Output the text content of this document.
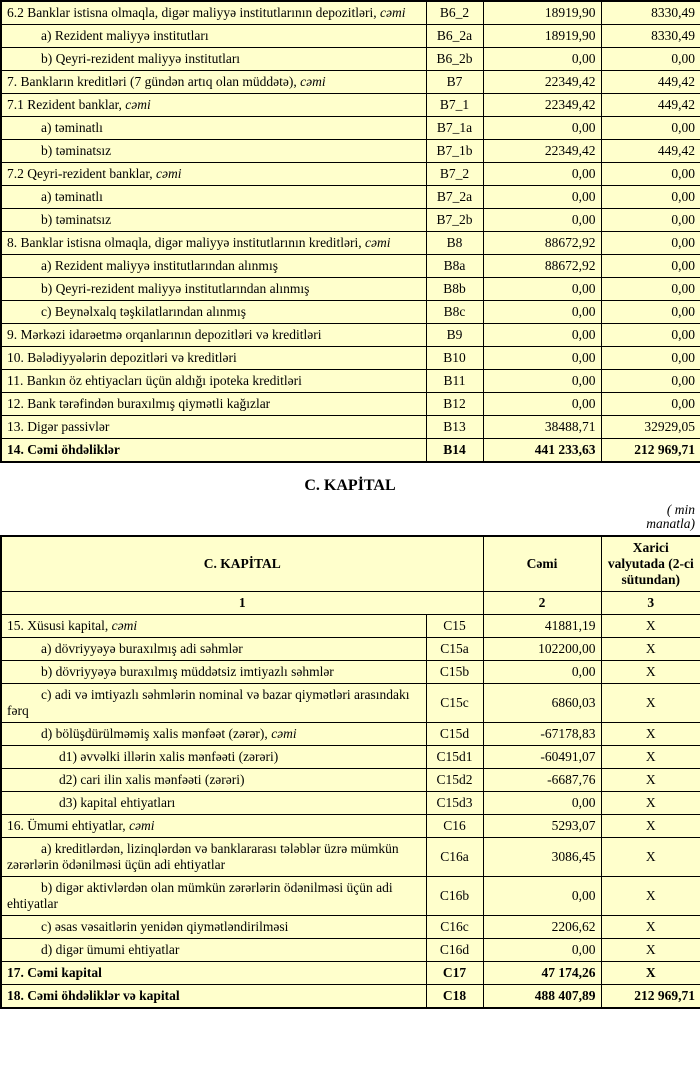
6.2 Banklar istisna olmaqla, digər maliyyə institutlarının depozitləri, cəmi	B6_2	18919,90	8330,49
a) Rezident maliyyə institutları	B6_2a	18919,90	8330,49
b) Qeyri-rezident maliyyə institutları	B6_2b	0,00	0,00
7. Bankların kreditləri (7 gündən artıq olan müddətə), cəmi	B7	22349,42	449,42
7.1 Rezident banklar, cəmi	B7_1	22349,42	449,42
a) təminatlı	B7_1a	0,00	0,00
b) təminatsız	B7_1b	22349,42	449,42
7.2 Qeyri-rezident banklar, cəmi	B7_2	0,00	0,00
a) təminatlı	B7_2a	0,00	0,00
b) təminatsız	B7_2b	0,00	0,00
8. Banklar istisna olmaqla, digər maliyyə institutlarının kreditləri, cəmi	B8	88672,92	0,00
a) Rezident maliyyə institutlarından alınmış	B8a	88672,92	0,00
b) Qeyri-rezident maliyyə institutlarından alınmış	B8b	0,00	0,00
c) Beynəlxalq təşkilatlarından alınmış	B8c	0,00	0,00
9. Mərkəzi idarəetmə orqanlarının depozitləri və kreditləri	B9	0,00	0,00
10. Bələdiyyələrin depozitləri və kreditləri	B10	0,00	0,00
11. Bankın öz ehtiyacları üçün aldığı ipoteka kreditləri	B11	0,00	0,00
12. Bank tərəfindən buraxılmış qiymətli kağızlar	B12	0,00	0,00
13. Digər passivlər	B13	38488,71	32929,05
14. Cəmi öhdəliklər	B14	441 233,63	212 969,71
C. KAPİTAL
( min manatla)
C. KAPİTAL		Cəmi	Xarici valyutada (2-ci sütundan)
1		2	3
15. Xüsusi kapital, cəmi	C15	41881,19	X
a) dövriyyəyə buraxılmış adi səhmlər	C15a	102200,00	X
b) dövriyyəyə buraxılmış müddətsiz imtiyazlı səhmlər	C15b	0,00	X
c) adi və imtiyazlı səhmlərin nominal və bazar qiymətləri arasındakı fərq	C15c	6860,03	X
d) bölüşdürülməmiş xalis mənfəət (zərər), cəmi	C15d	-67178,83	X
d1) əvvəlki illərin xalis mənfəəti (zərəri)	C15d1	-60491,07	X
d2) cari ilin xalis mənfəəti (zərəri)	C15d2	-6687,76	X
d3) kapital ehtiyatları	C15d3	0,00	X
16. Ümumi ehtiyatlar, cəmi	C16	5293,07	X
a) kreditlərdən, lizinqlərdən və banklararası tələblər üzrə mümkün zərərlərin ödənilməsi üçün adi ehtiyatlar	C16a	3086,45	X
b) digər aktivlərdən olan mümkün zərərlərin ödənilməsi üçün adi ehtiyatlar	C16b	0,00	X
c) əsas vəsaitlərin yenidən qiymətləndirilməsi	C16c	2206,62	X
d) digər ümumi ehtiyatlar	C16d	0,00	X
17. Cəmi kapital	C17	47 174,26	X
18. Cəmi öhdəliklər və kapital	C18	488 407,89	212 969,71
